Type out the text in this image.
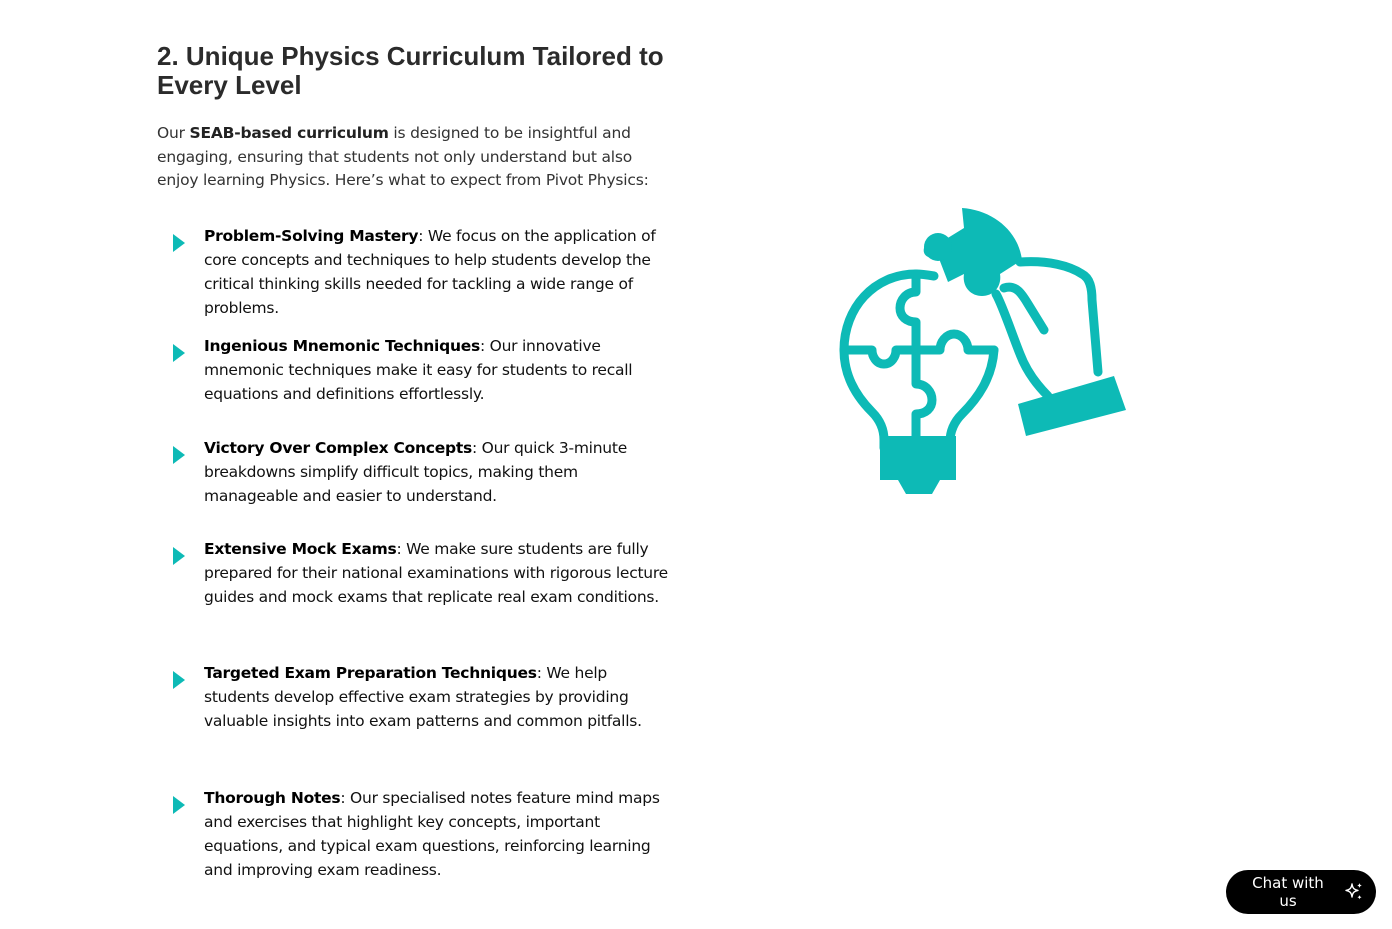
2. Unique Physics Curriculum Tailored to Every Level

Our SEAB-based curriculum is designed to be insightful and engaging, ensuring that students not only understand but also enjoy learning Physics. Here’s what to expect from Pivot Physics:

Problem-Solving Mastery: We focus on the application of core concepts and techniques to help students develop the critical thinking skills needed for tackling a wide range of problems.
Ingenious Mnemonic Techniques: Our innovative mnemonic techniques make it easy for students to recall equations and definitions effortlessly.
Victory Over Complex Concepts: Our quick 3-minute breakdowns simplify difficult topics, making them manageable and easier to understand.
Extensive Mock Exams: We make sure students are fully prepared for their national examinations with rigorous lecture guides and mock exams that replicate real exam conditions.
Targeted Exam Preparation Techniques: We help students develop effective exam strategies by providing valuable insights into exam patterns and common pitfalls.
Thorough Notes: Our specialised notes feature mind maps and exercises that highlight key concepts, important equations, and typical exam questions, reinforcing learning and improving exam readiness.
Chat with us
